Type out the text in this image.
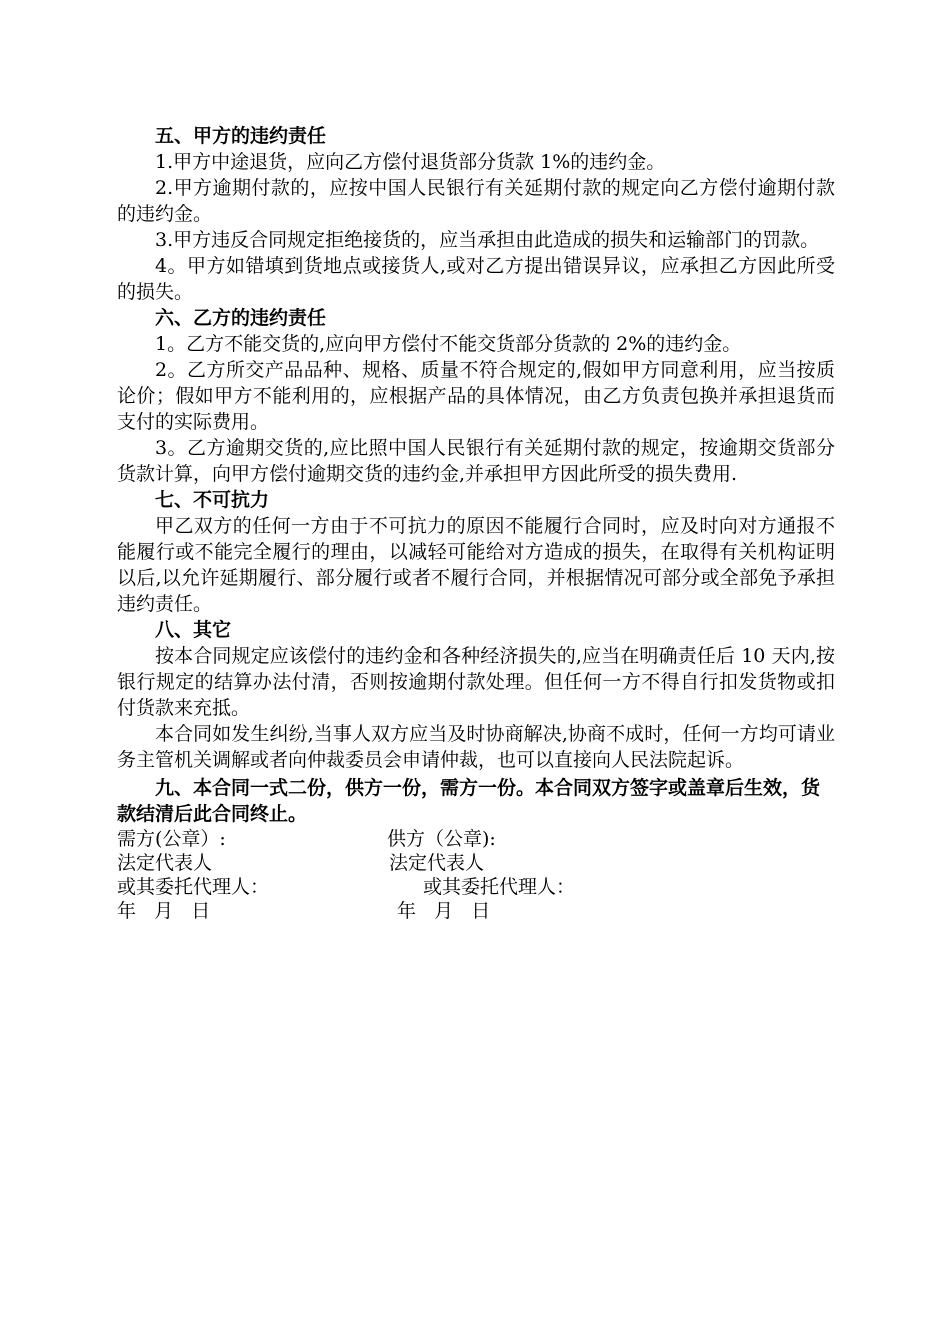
五、甲方的违约责任
1.甲方中途退货，应向乙方偿付退货部分货款 1%的违约金。
2.甲方逾期付款的，应按中国人民银行有关延期付款的规定向乙方偿付逾期付款的违约金。
3.甲方违反合同规定拒绝接货的，应当承担由此造成的损失和运输部门的罚款。
4。甲方如错填到货地点或接货人,或对乙方提出错误异议，应承担乙方因此所受的损失。
六、乙方的违约责任
1。乙方不能交货的,应向甲方偿付不能交货部分货款的 2%的违约金。
2。乙方所交产品品种、规格、质量不符合规定的,假如甲方同意利用，应当按质论价；假如甲方不能利用的，应根据产品的具体情况，由乙方负责包换并承担退货而支付的实际费用。
3。乙方逾期交货的,应比照中国人民银行有关延期付款的规定，按逾期交货部分货款计算，向甲方偿付逾期交货的违约金,并承担甲方因此所受的损失费用.
七、不可抗力
甲乙双方的任何一方由于不可抗力的原因不能履行合同时，应及时向对方通报不能履行或不能完全履行的理由，以减轻可能给对方造成的损失，在取得有关机构证明以后,以允许延期履行、部分履行或者不履行合同，并根据情况可部分或全部免予承担违约责任。
八、其它
按本合同规定应该偿付的违约金和各种经济损失的,应当在明确责任后 10 天内,按银行规定的结算办法付清，否则按逾期付款处理。但任何一方不得自行扣发货物或扣付货款来充抵。
本合同如发生纠纷,当事人双方应当及时协商解决,协商不成时，任何一方均可请业务主管机关调解或者向仲裁委员会申请仲裁，也可以直接向人民法院起诉。
九、本合同一式二份，供方一份，需方一份。本合同双方签字或盖章后生效，货款结清后此合同终止。
需方(公章）:	供方（公章):
法定代表人	法定代表人
或其委托代理人：	或其委托代理人：
年   月   日	年   月   日
